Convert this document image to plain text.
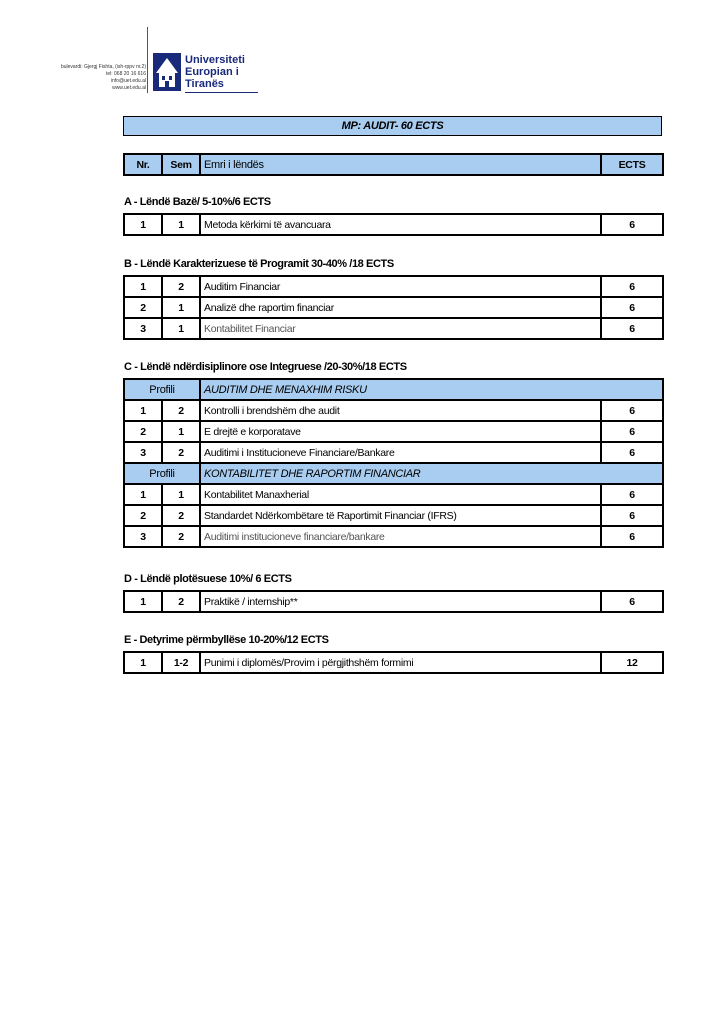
bulevardi: Gjergj Fishta, (ish-rppv nr.2)
tel: 068 20 16 616
info@uet.edu.al
www.uet.edu.al
Universiteti
Europian i
Tiranës
MP: AUDIT- 60 ECTS
Nr.	Sem	Emri i lëndës	ECTS
A - Lëndë Bazë/ 5-10%/6 ECTS
1	1	Metoda kërkimi të avancuara	6
B - Lëndë Karakterizuese të Programit 30-40% /18 ECTS
1	2	Auditim Financiar	6
2	1	Analizë dhe raportim financiar	6
3	1	Kontabilitet Financiar	6
C - Lëndë ndërdisiplinore ose Integruese /20-30%/18 ECTS
Profili		AUDITIM DHE MENAXHIM RISKU	
1	2	Kontrolli i brendshëm dhe audit	6
2	1	E drejtë e korporatave	6
3	2	Auditimi i Institucioneve Financiare/Bankare	6
Profili		KONTABILITET DHE RAPORTIM FINANCIAR	
1	1	Kontabilitet Manaxherial	6
2	2	Standardet Ndërkombëtare të Raportimit Financiar (IFRS)	6
3	2	Auditimi institucioneve financiare/bankare	6
D - Lëndë plotësuese 10%/ 6 ECTS
1	2	Praktikë / internship**	6
E - Detyrime përmbyllëse 10-20%/12 ECTS
1	1-2	Punimi i diplomës/Provim i përgjithshëm formimi	12
